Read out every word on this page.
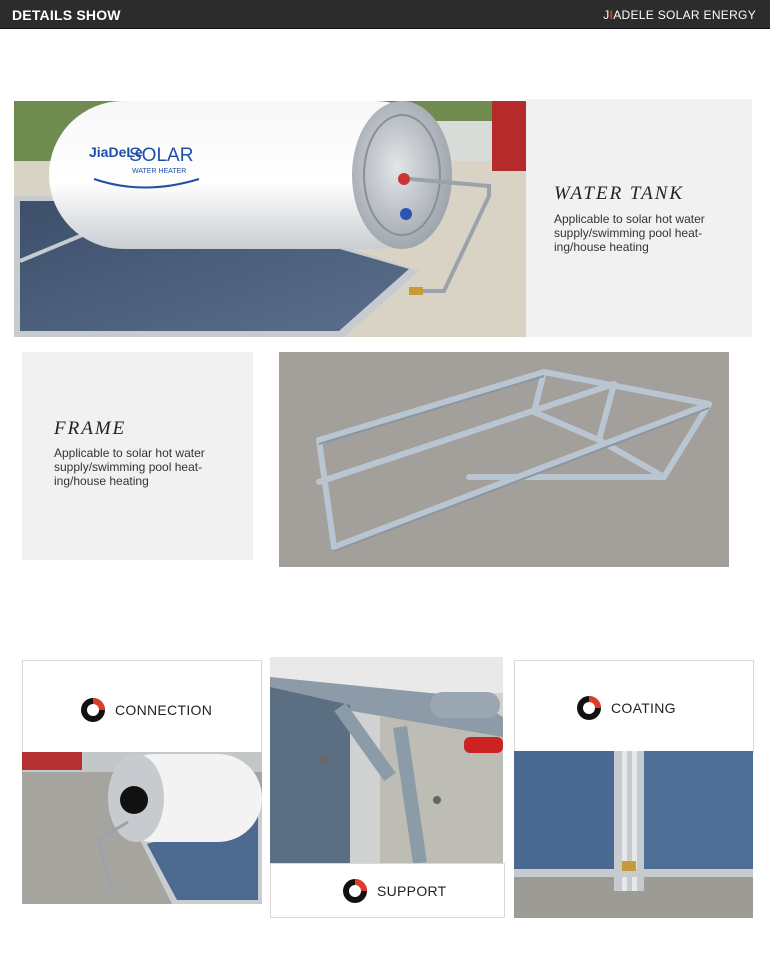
DETAILS SHOW	JIADELE SOLAR ENERGY
JiaDeLe
SOLAR
WATER HEATER
WATER TANK
Applicable to solar hot water
supply/swimming pool heat-
ing/house heating
FRAME
Applicable to solar hot water
supply/swimming pool heat-
ing/house heating
CONNECTION
SUPPORT
COATING
